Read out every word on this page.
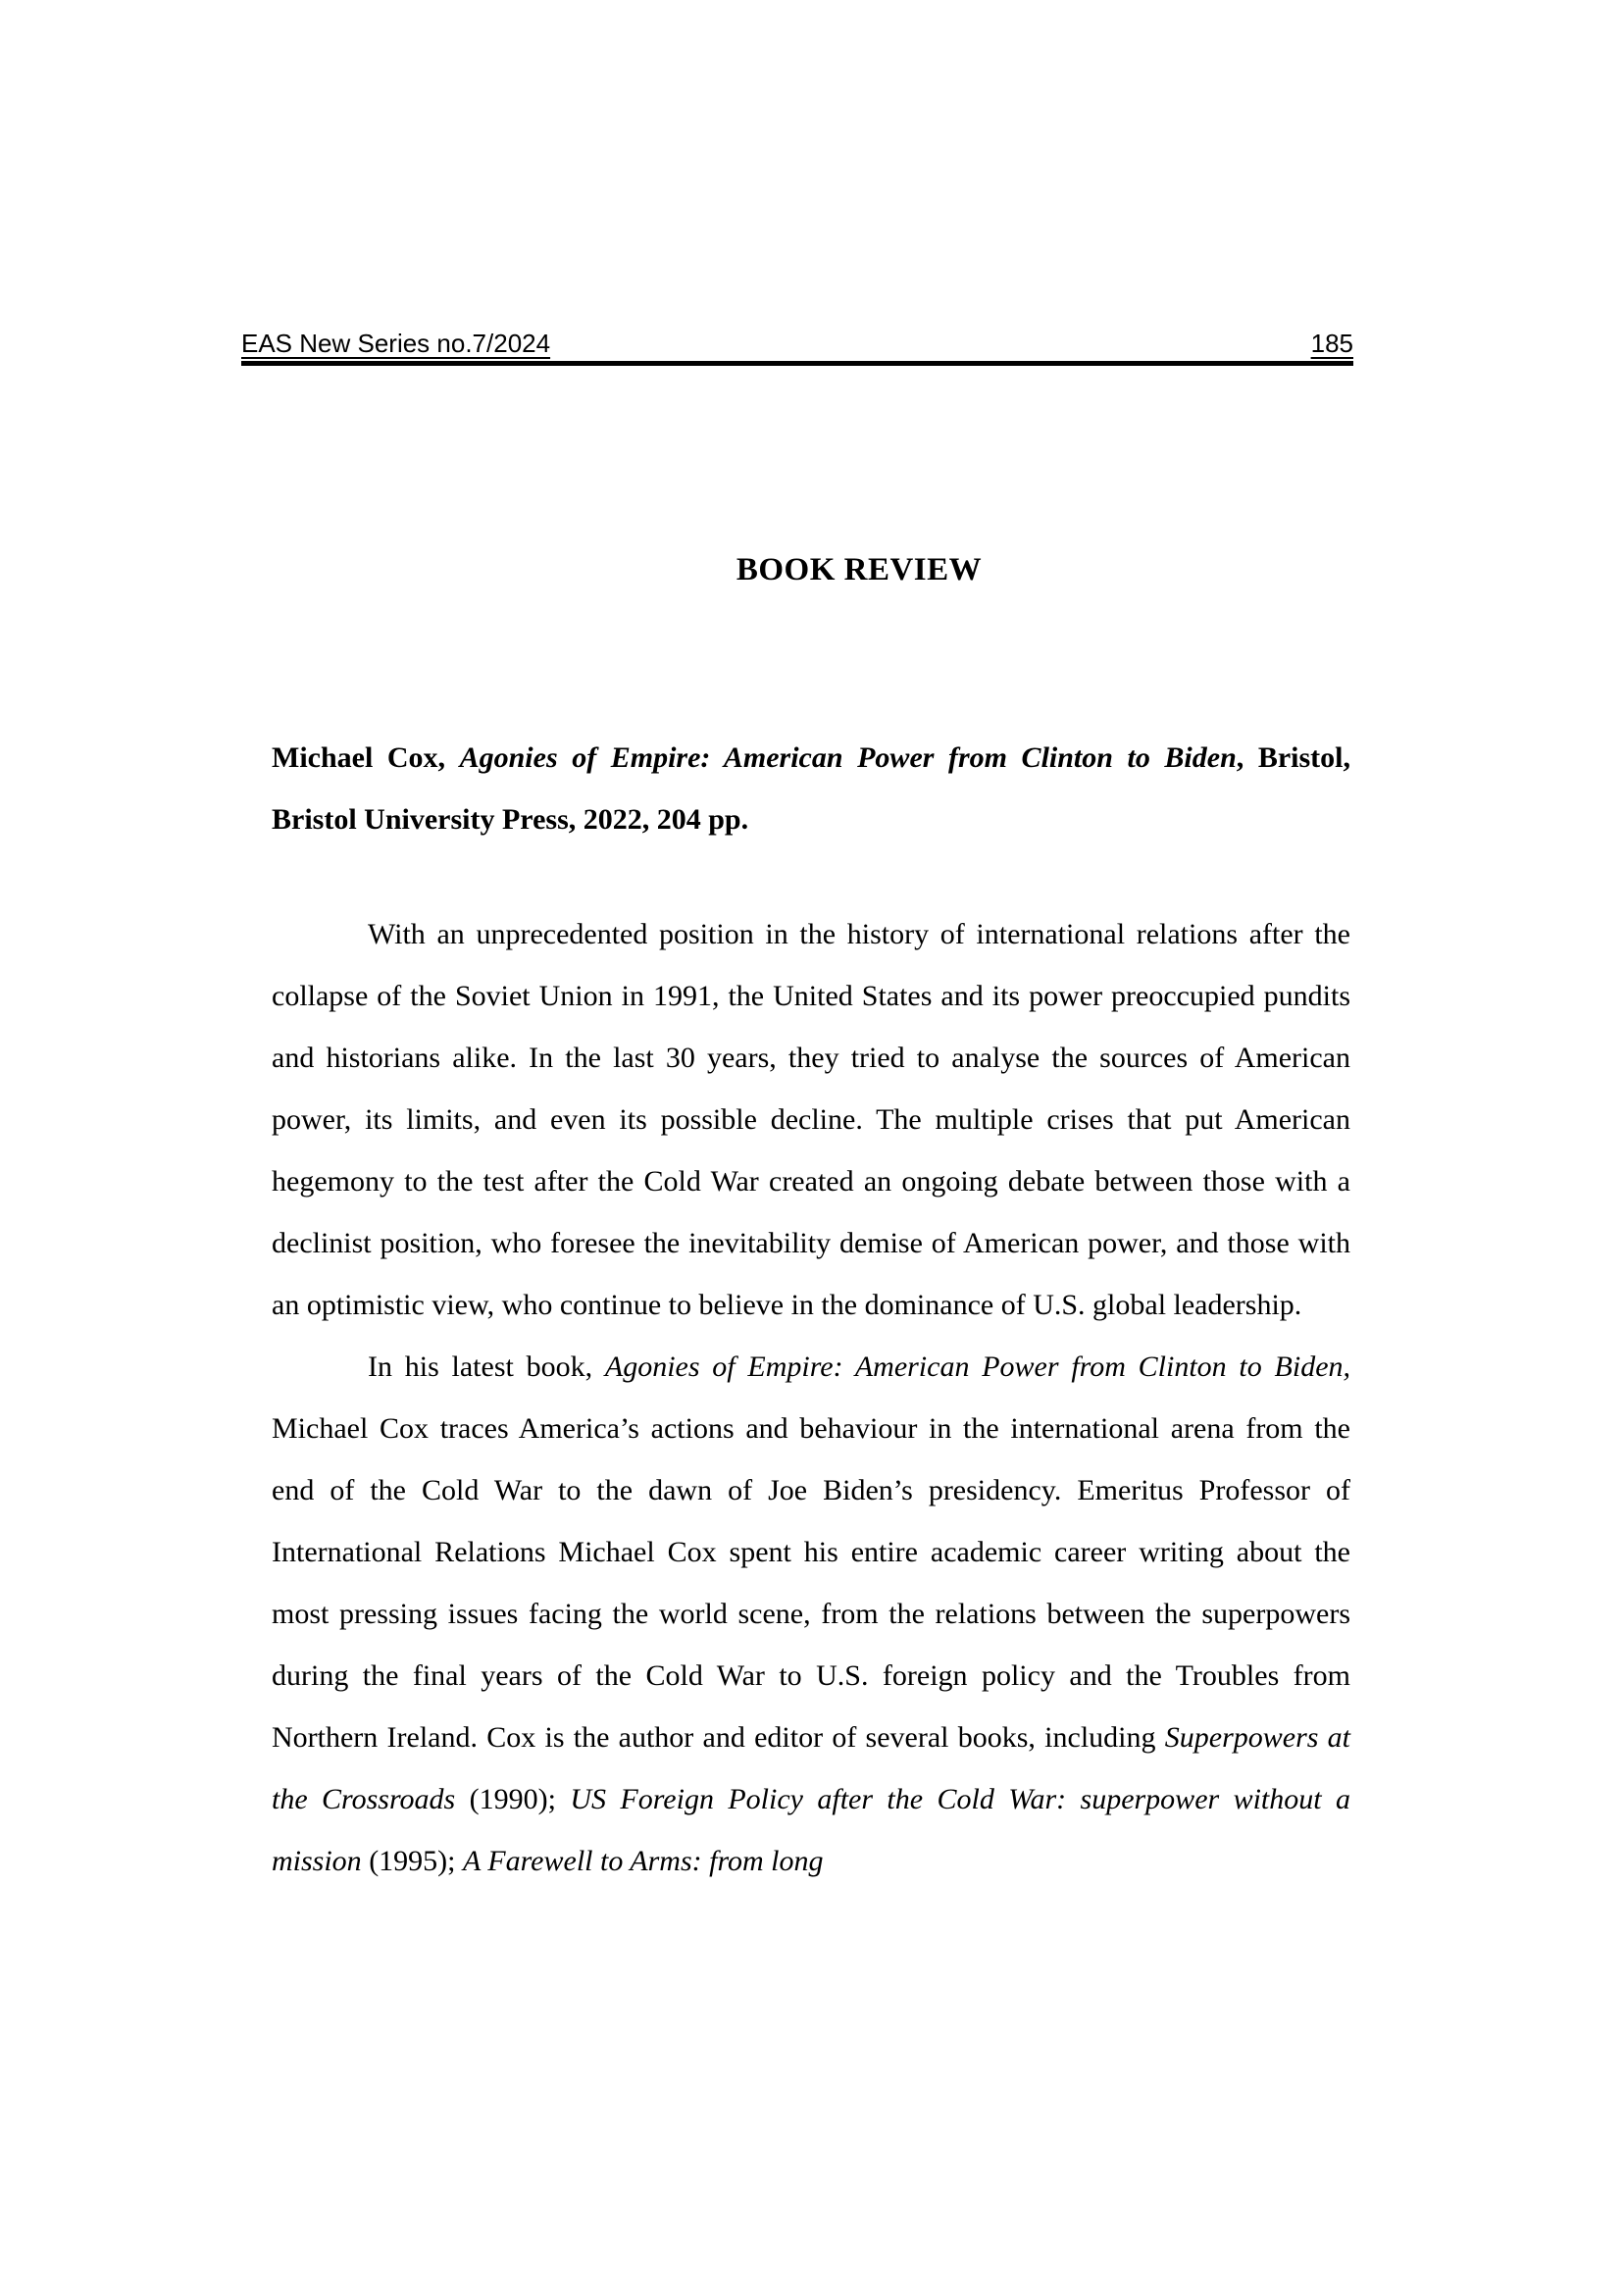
EAS New Series no.7/2024	185
BOOK REVIEW

Michael Cox, Agonies of Empire: American Power from Clinton to Biden, Bristol, Bristol University Press, 2022, 204 pp.

With an unprecedented position in the history of international relations after the collapse of the Soviet Union in 1991, the United States and its power preoccupied pundits and historians alike. In the last 30 years, they tried to analyse the sources of American power, its limits, and even its possible decline. The multiple crises that put American hegemony to the test after the Cold War created an ongoing debate between those with a declinist position, who foresee the inevitability demise of American power, and those with an optimistic view, who continue to believe in the dominance of U.S. global leadership.

In his latest book, Agonies of Empire: American Power from Clinton to Biden, Michael Cox traces America’s actions and behaviour in the international arena from the end of the Cold War to the dawn of Joe Biden’s presidency. Emeritus Professor of International Relations Michael Cox spent his entire academic career writing about the most pressing issues facing the world scene, from the relations between the superpowers during the final years of the Cold War to U.S. foreign policy and the Troubles from Northern Ireland. Cox is the author and editor of several books, including Superpowers at the Crossroads (1990); US Foreign Policy after the Cold War: superpower without a mission (1995); A Farewell to Arms: from long
